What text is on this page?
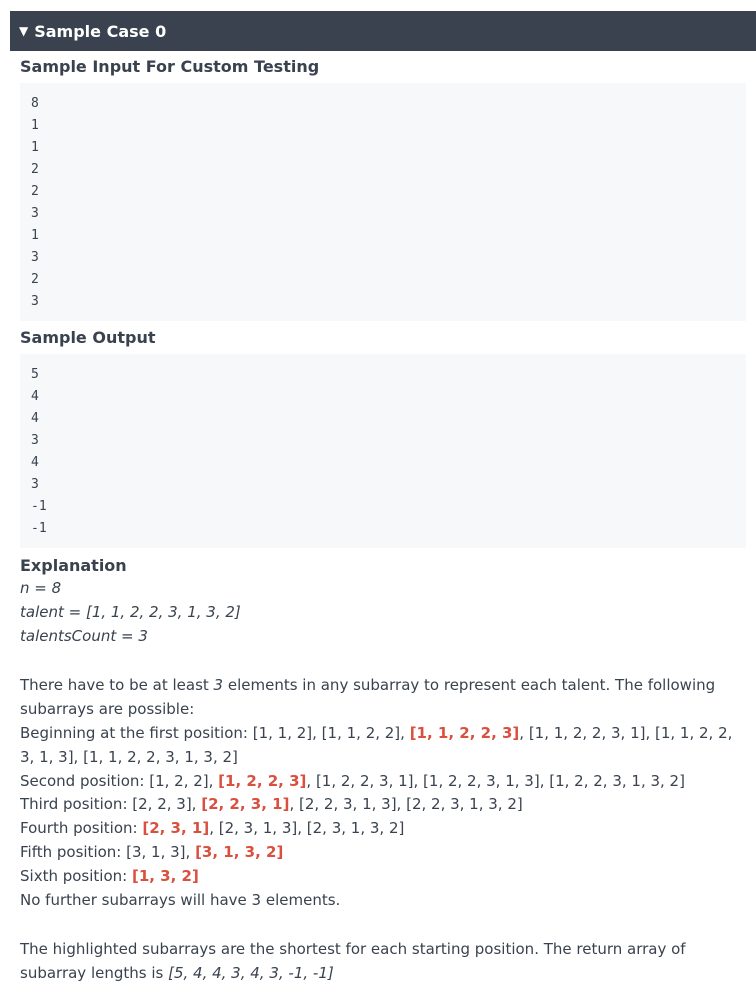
▼ Sample Case 0
Sample Input For Custom Testing
8
1
1
2
2
3
1
3
2
3
Sample Output
5
4
4
3
4
3
-1
-1
Explanation
n = 8
talent = [1, 1, 2, 2, 3, 1, 3, 2]
talentsCount = 3
There have to be at least 3 elements in any subarray to represent each talent. The following subarrays are possible:
Beginning at the first position: [1, 1, 2], [1, 1, 2, 2], [1, 1, 2, 2, 3], [1, 1, 2, 2, 3, 1], [1, 1, 2, 2, 3, 1, 3], [1, 1, 2, 2, 3, 1, 3, 2]
Second position: [1, 2, 2], [1, 2, 2, 3], [1, 2, 2, 3, 1], [1, 2, 2, 3, 1, 3], [1, 2, 2, 3, 1, 3, 2]
Third position: [2, 2, 3], [2, 2, 3, 1], [2, 2, 3, 1, 3], [2, 2, 3, 1, 3, 2]
Fourth position: [2, 3, 1], [2, 3, 1, 3], [2, 3, 1, 3, 2]
Fifth position: [3, 1, 3], [3, 1, 3, 2]
Sixth position: [1, 3, 2]
No further subarrays will have 3 elements.
The highlighted subarrays are the shortest for each starting position. The return array of subarray lengths is [5, 4, 4, 3, 4, 3, -1, -1]
